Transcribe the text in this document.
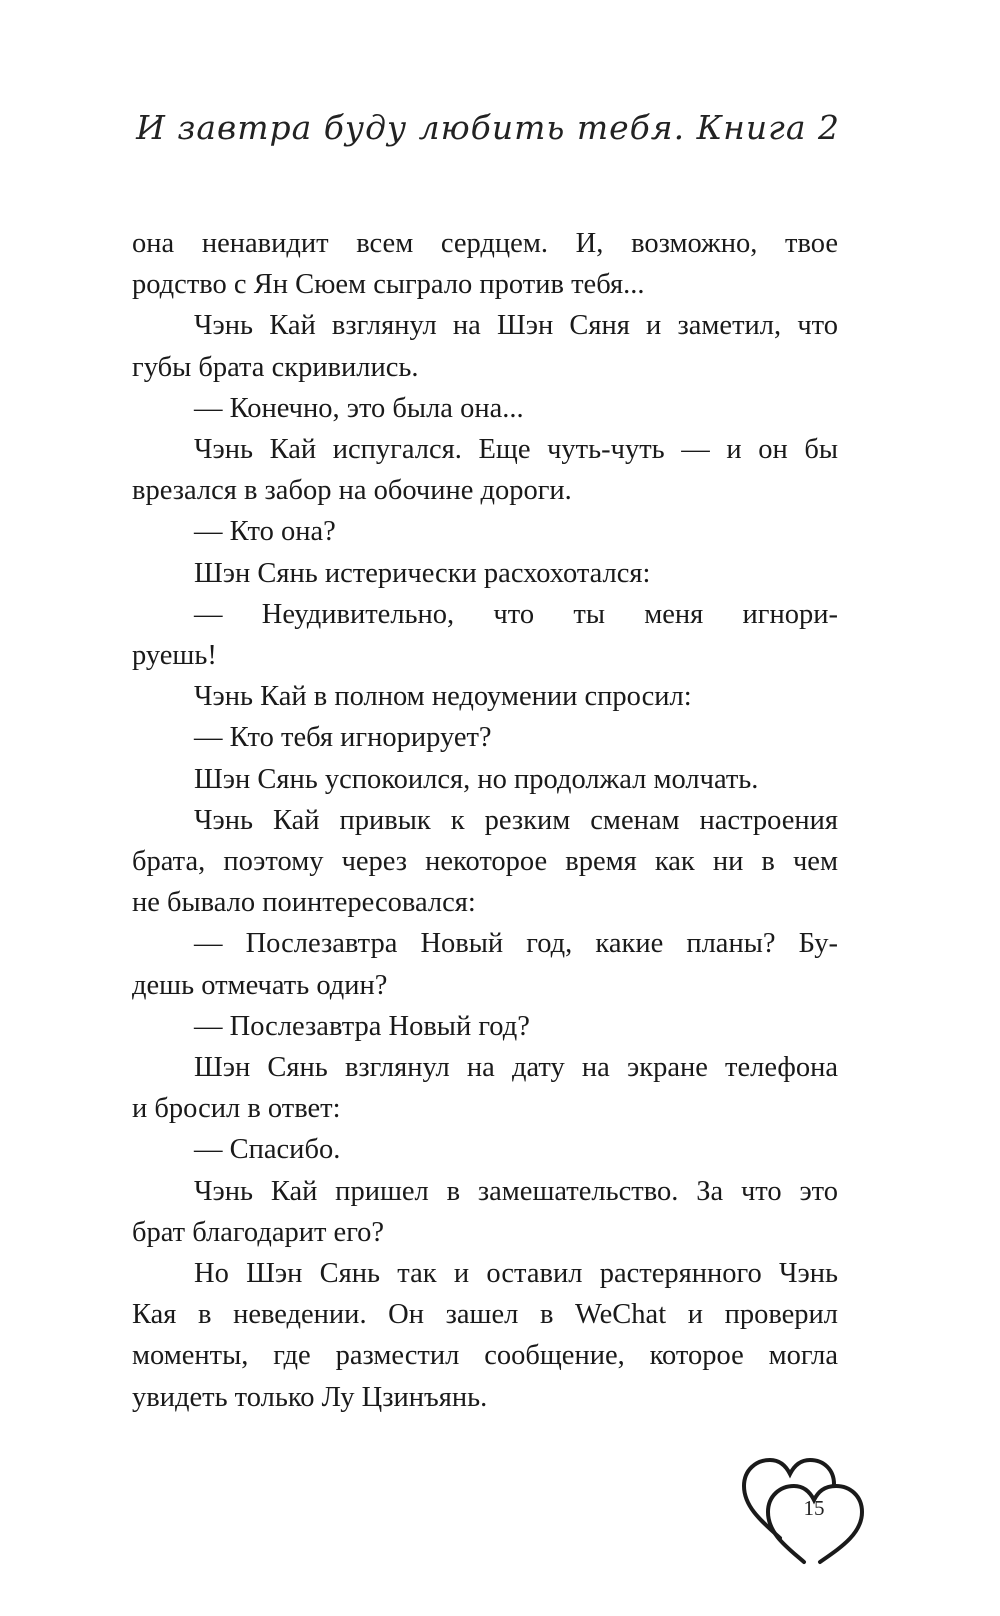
И завтра буду любить тебя. Книга 2
она ненавидит всем сердцем. И, возможно, твое
родство с Ян Сюем сыграло против тебя...
Чэнь Кай взглянул на Шэн Сяня и заметил, что
губы брата скривились.
— Конечно, это была она...
Чэнь Кай испугался. Еще чуть-чуть — и он бы
врезался в забор на обочине дороги.
— Кто она?
Шэн Сянь истерически расхохотался:
— Неудивительно, что ты меня игнори-
руешь!
Чэнь Кай в полном недоумении спросил:
— Кто тебя игнорирует?
Шэн Сянь успокоился, но продолжал молчать.
Чэнь Кай привык к резким сменам настроения
брата, поэтому через некоторое время как ни в чем
не бывало поинтересовался:
— Послезавтра Новый год, какие планы? Бу-
дешь отмечать один?
— Послезавтра Новый год?
Шэн Сянь взглянул на дату на экране телефона
и бросил в ответ:
— Спасибо.
Чэнь Кай пришел в замешательство. За что это
брат благодарит его?
Но Шэн Сянь так и оставил растерянного Чэнь
Кая в неведении. Он зашел в WeChat и проверил
моменты, где разместил сообщение, которое могла
увидеть только Лу Цзинъянь.
15
